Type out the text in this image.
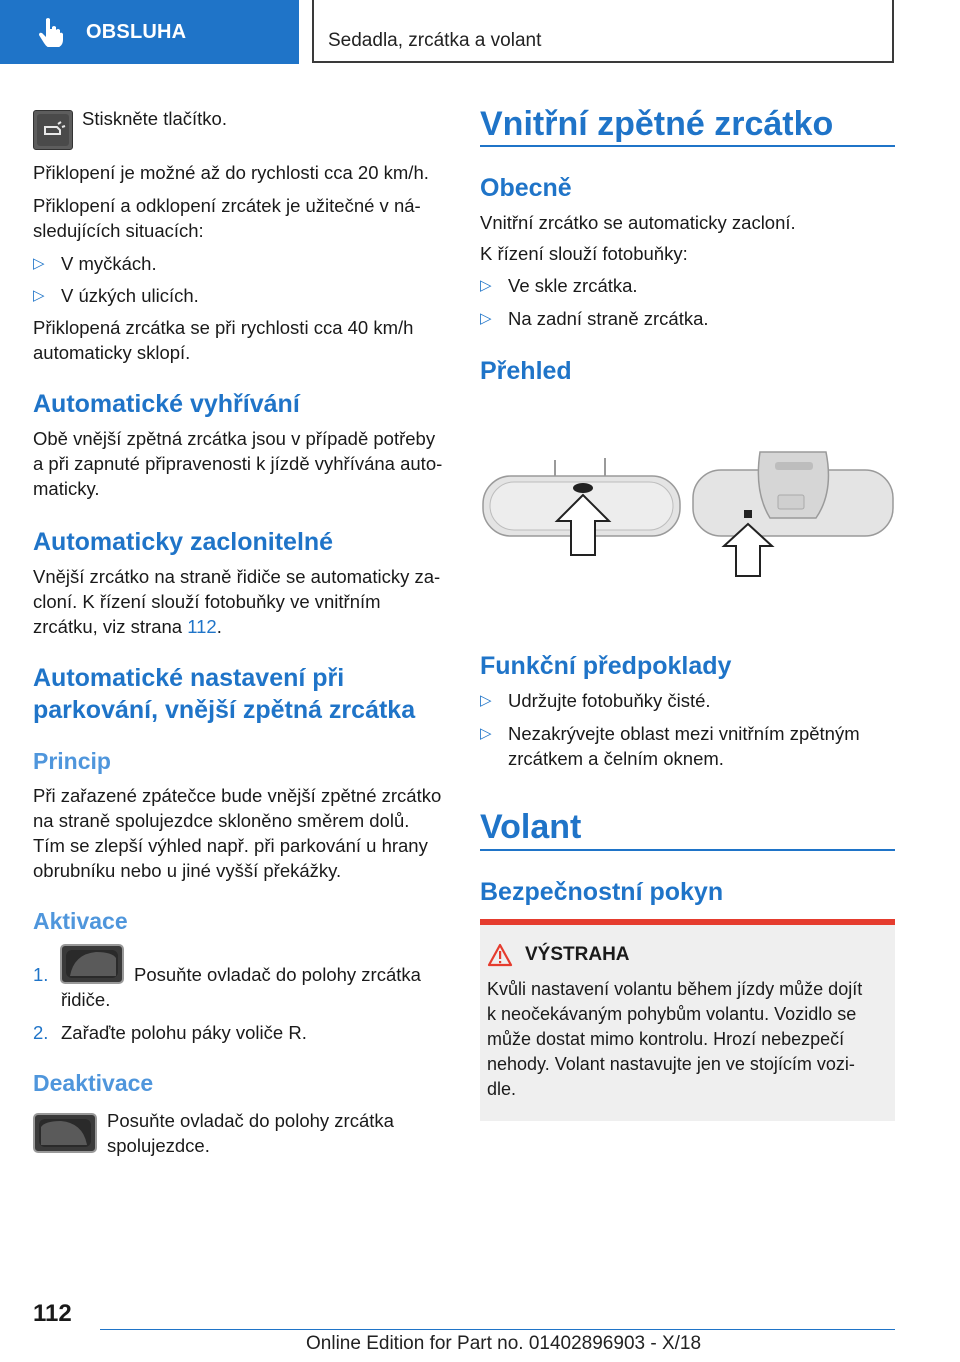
OBSLUHA	Sedadla, zrcátka a volant

Stiskněte tlačítko.

Přiklopení je možné až do rychlosti cca 20 km/h.

Přiklopení a odklopení zrcátek je užitečné v ná-

sledujících situacích:

▷ V myčkách.
▷ V úzkých ulicích.

Přiklopená zrcátka se při rychlosti cca 40 km/h

automaticky sklopí.

Automatické vyhřívání

Obě vnější zpětná zrcátka jsou v případě potřeby

a při zapnuté připravenosti k jízdě vyhřívána auto-

maticky.

Automaticky zaclonitelné

Vnější zrcátko na straně řidiče se automaticky za-

cloní. K řízení slouží fotobuňky ve vnitřním

zrcátku, viz strana 112.

Automatické nastavení při
parkování, vnější zpětná zrcátka
Princip

Při zařazené zpátečce bude vnější zpětné zrcátko

na straně spolujezdce skloněno směrem dolů.

Tím se zlepší výhled např. při parkování u hrany

obrubníku nebo u jiné vyšší překážky.

Aktivace
1.	Posuňte ovladač do polohy zrcátka

řidiče.

2. Zařaďte polohu páky voliče R.

Deaktivace

Posuňte ovladač do polohy zrcátka

spolujezdce.

Vnitřní zpětné zrcátko
Obecně

Vnitřní zrcátko se automaticky zacloní.

K řízení slouží fotobuňky:

▷ Ve skle zrcátka.
▷ Na zadní straně zrcátka.
Přehled
Funkční předpoklady
▷ Udržujte fotobuňky čisté.
▷ Nezakrývejte oblast mezi vnitřním zpětným

zrcátkem a čelním oknem.

Volant
Bezpečnostní pokyn
VÝSTRAHA
Kvůli nastavení volantu během jízdy může dojít
k neočekávaným pohybům volantu. Vozidlo se
může dostat mimo kontrolu. Hrozí nebezpečí
nehody. Volant nastavujte jen ve stojícím vozi-
dle.
112
Online Edition for Part no. 01402896903 - X/18
